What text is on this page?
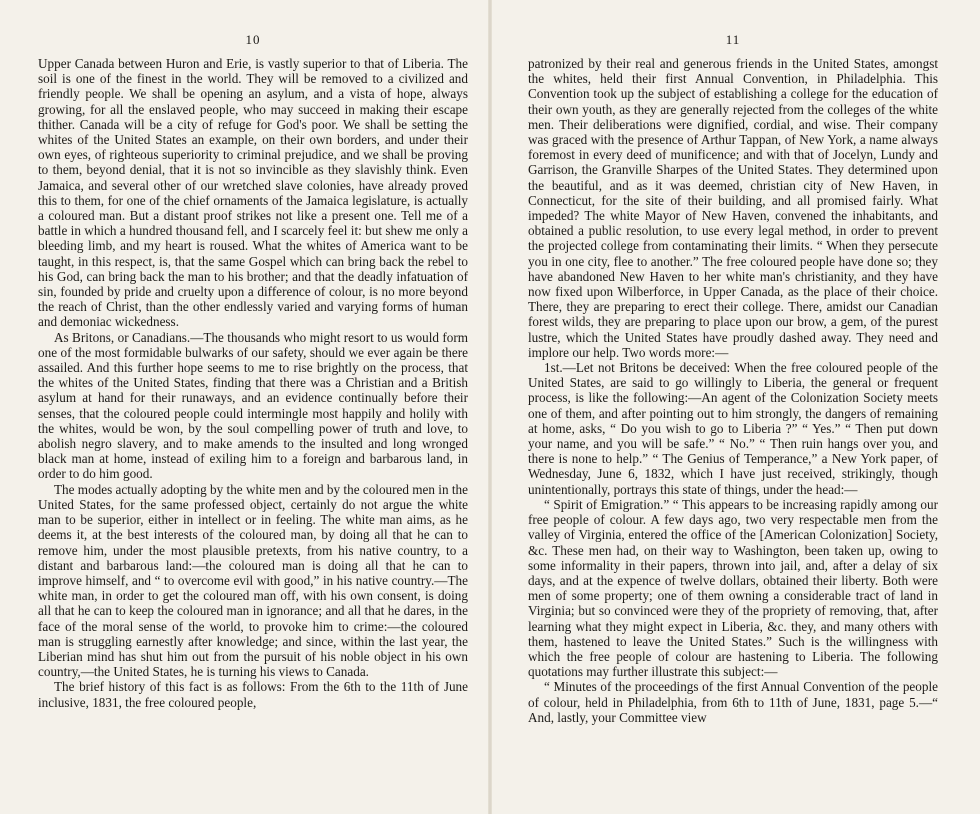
10

Upper Canada between Huron and Erie, is vastly superior to that of Liberia. The soil is one of the finest in the world. They will be removed to a civilized and friendly people. We shall be opening an asylum, and a vista of hope, always growing, for all the enslaved people, who may succeed in making their escape thither. Canada will be a city of refuge for God's poor. We shall be setting the whites of the United States an example, on their own borders, and under their own eyes, of righteous superiority to criminal prejudice, and we shall be proving to them, beyond denial, that it is not so invincible as they slavishly think. Even Jamaica, and several other of our wretched slave colonies, have already proved this to them, for one of the chief ornaments of the Jamaica legislature, is actually a coloured man. But a distant proof strikes not like a present one. Tell me of a battle in which a hundred thousand fell, and I scarcely feel it: but shew me only a bleeding limb, and my heart is roused. What the whites of America want to be taught, in this respect, is, that the same Gospel which can bring back the rebel to his God, can bring back the man to his brother; and that the deadly infatuation of sin, founded by pride and cruelty upon a difference of colour, is no more beyond the reach of Christ, than the other endlessly varied and varying forms of human and demoniac wickedness.

As Britons, or Canadians.—The thousands who might resort to us would form one of the most formidable bulwarks of our safety, should we ever again be there assailed. And this further hope seems to me to rise brightly on the process, that the whites of the United States, finding that there was a Christian and a British asylum at hand for their runaways, and an evidence continually before their senses, that the coloured people could intermingle most happily and holily with the whites, would be won, by the soul compelling power of truth and love, to abolish negro slavery, and to make amends to the insulted and long wronged black man at home, instead of exiling him to a foreign and barbarous land, in order to do him good.

The modes actually adopting by the white men and by the coloured men in the United States, for the same professed object, certainly do not argue the white man to be superior, either in intellect or in feeling. The white man aims, as he deems it, at the best interests of the coloured man, by doing all that he can to remove him, under the most plausible pretexts, from his native country, to a distant and barbarous land:—the coloured man is doing all that he can to improve himself, and “ to overcome evil with good,” in his native country.—The white man, in order to get the coloured man off, with his own consent, is doing all that he can to keep the coloured man in ignorance; and all that he dares, in the face of the moral sense of the world, to provoke him to crime:—the coloured man is struggling earnestly after knowledge; and since, within the last year, the Liberian mind has shut him out from the pursuit of his noble object in his own country,—the United States, he is turning his views to Canada.

The brief history of this fact is as follows: From the 6th to the 11th of June inclusive, 1831, the free coloured people,

11

patronized by their real and generous friends in the United States, amongst the whites, held their first Annual Convention, in Philadelphia. This Convention took up the subject of establishing a college for the education of their own youth, as they are generally rejected from the colleges of the white men. Their deliberations were dignified, cordial, and wise. Their company was graced with the presence of Arthur Tappan, of New York, a name always foremost in every deed of munificence; and with that of Jocelyn, Lundy and Garrison, the Granville Sharpes of the United States. They determined upon the beautiful, and as it was deemed, christian city of New Haven, in Connecticut, for the site of their building, and all promised fairly. What impeded? The white Mayor of New Haven, convened the inhabitants, and obtained a public resolution, to use every legal method, in order to prevent the projected college from contaminating their limits. “ When they persecute you in one city, flee to another.” The free coloured people have done so; they have abandoned New Haven to her white man's christianity, and they have now fixed upon Wilberforce, in Upper Canada, as the place of their choice. There, they are preparing to erect their college. There, amidst our Canadian forest wilds, they are preparing to place upon our brow, a gem, of the purest lustre, which the United States have proudly dashed away. They need and implore our help. Two words more:—

1st.—Let not Britons be deceived: When the free coloured people of the United States, are said to go willingly to Liberia, the general or frequent process, is like the following:—An agent of the Colonization Society meets one of them, and after pointing out to him strongly, the dangers of remaining at home, asks, “ Do you wish to go to Liberia ?” “ Yes.” “ Then put down your name, and you will be safe.” “ No.” “ Then ruin hangs over you, and there is none to help.” “ The Genius of Temperance,” a New York paper, of Wednesday, June 6, 1832, which I have just received, strikingly, though unintentionally, portrays this state of things, under the head:—

“ Spirit of Emigration.” “ This appears to be increasing rapidly among our free people of colour. A few days ago, two very respectable men from the valley of Virginia, entered the office of the [American Colonization] Society, &c. These men had, on their way to Washington, been taken up, owing to some informality in their papers, thrown into jail, and, after a delay of six days, and at the expence of twelve dollars, obtained their liberty. Both were men of some property; one of them owning a considerable tract of land in Virginia; but so convinced were they of the propriety of removing, that, after learning what they might expect in Liberia, &c. they, and many others with them, hastened to leave the United States.” Such is the willingness with which the free people of colour are hastening to Liberia. The following quotations may further illustrate this subject:—

“ Minutes of the proceedings of the first Annual Convention of the people of colour, held in Philadelphia, from 6th to 11th of June, 1831, page 5.—“ And, lastly, your Committee view
